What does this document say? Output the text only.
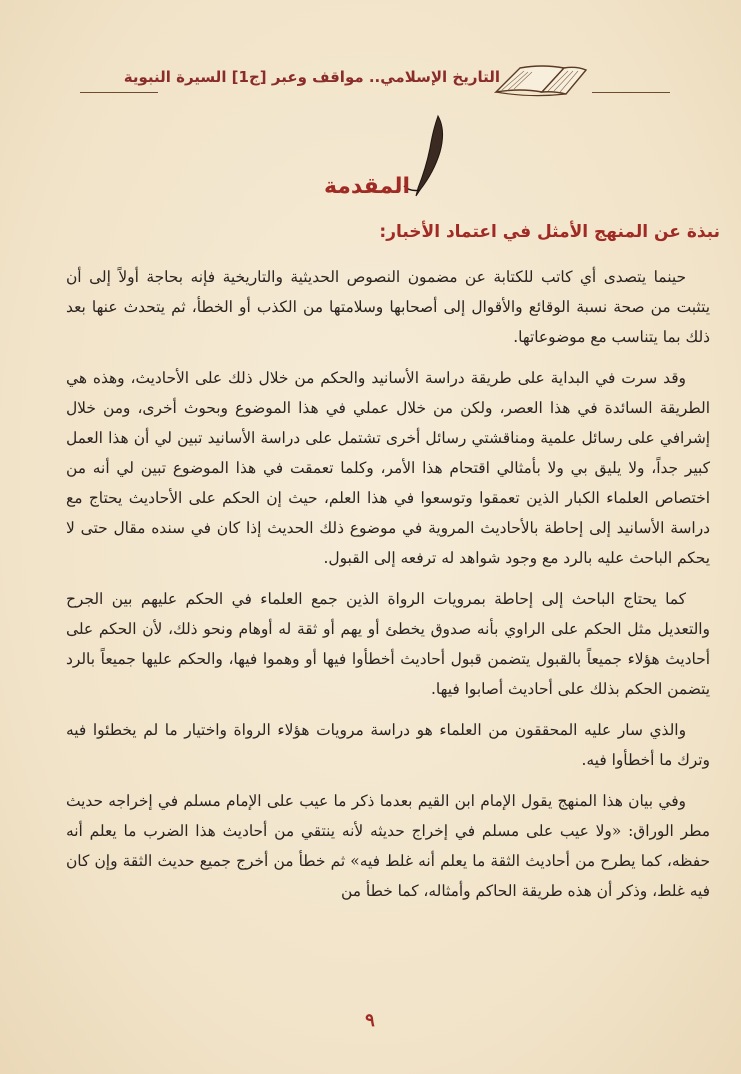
التاريخ الإسلامي.. مواقف وعبر [ج1] السيرة النبوية
المقدمة
نبذة عن المنهج الأمثل في اعتماد الأخبار:

حينما يتصدى أي كاتب للكتابة عن مضمون النصوص الحديثية والتاريخية فإنه بحاجة أولاً إلى أن يتثبت من صحة نسبة الوقائع والأقوال إلى أصحابها وسلامتها من الكذب أو الخطأ، ثم يتحدث عنها بعد ذلك بما يتناسب مع موضوعاتها.

وقد سرت في البداية على طريقة دراسة الأسانيد والحكم من خلال ذلك على الأحاديث، وهذه هي الطريقة السائدة في هذا العصر، ولكن من خلال عملي في هذا الموضوع وبحوث أخرى، ومن خلال إشرافي على رسائل علمية ومناقشتي رسائل أخرى تشتمل على دراسة الأسانيد تبين لي أن هذا العمل كبير جداً، ولا يليق بي ولا بأمثالي اقتحام هذا الأمر، وكلما تعمقت في هذا الموضوع تبين لي أنه من اختصاص العلماء الكبار الذين تعمقوا وتوسعوا في هذا العلم، حيث إن الحكم على الأحاديث يحتاج مع دراسة الأسانيد إلى إحاطة بالأحاديث المروية في موضوع ذلك الحديث إذا كان في سنده مقال حتى لا يحكم الباحث عليه بالرد مع وجود شواهد له ترفعه إلى القبول.

كما يحتاج الباحث إلى إحاطة بمرويات الرواة الذين جمع العلماء في الحكم عليهم بين الجرح والتعديل مثل الحكم على الراوي بأنه صدوق يخطئ أو يهم أو ثقة له أوهام ونحو ذلك، لأن الحكم على أحاديث هؤلاء جميعاً بالقبول يتضمن قبول أحاديث أخطأوا فيها أو وهموا فيها، والحكم عليها جميعاً بالرد يتضمن الحكم بذلك على أحاديث أصابوا فيها.

والذي سار عليه المحققون من العلماء هو دراسة مرويات هؤلاء الرواة واختيار ما لم يخطئوا فيه وترك ما أخطأوا فيه.

وفي بيان هذا المنهج يقول الإمام ابن القيم بعدما ذكر ما عيب على الإمام مسلم في إخراجه حديث مطر الوراق: «ولا عيب على مسلم في إخراج حديثه لأنه ينتقي من أحاديث هذا الضرب ما يعلم أنه حفظه، كما يطرح من أحاديث الثقة ما يعلم أنه غلط فيه» ثم خطأ من أخرج جميع حديث الثقة وإن كان فيه غلط، وذكر أن هذه طريقة الحاكم وأمثاله، كما خطأ من

٩
